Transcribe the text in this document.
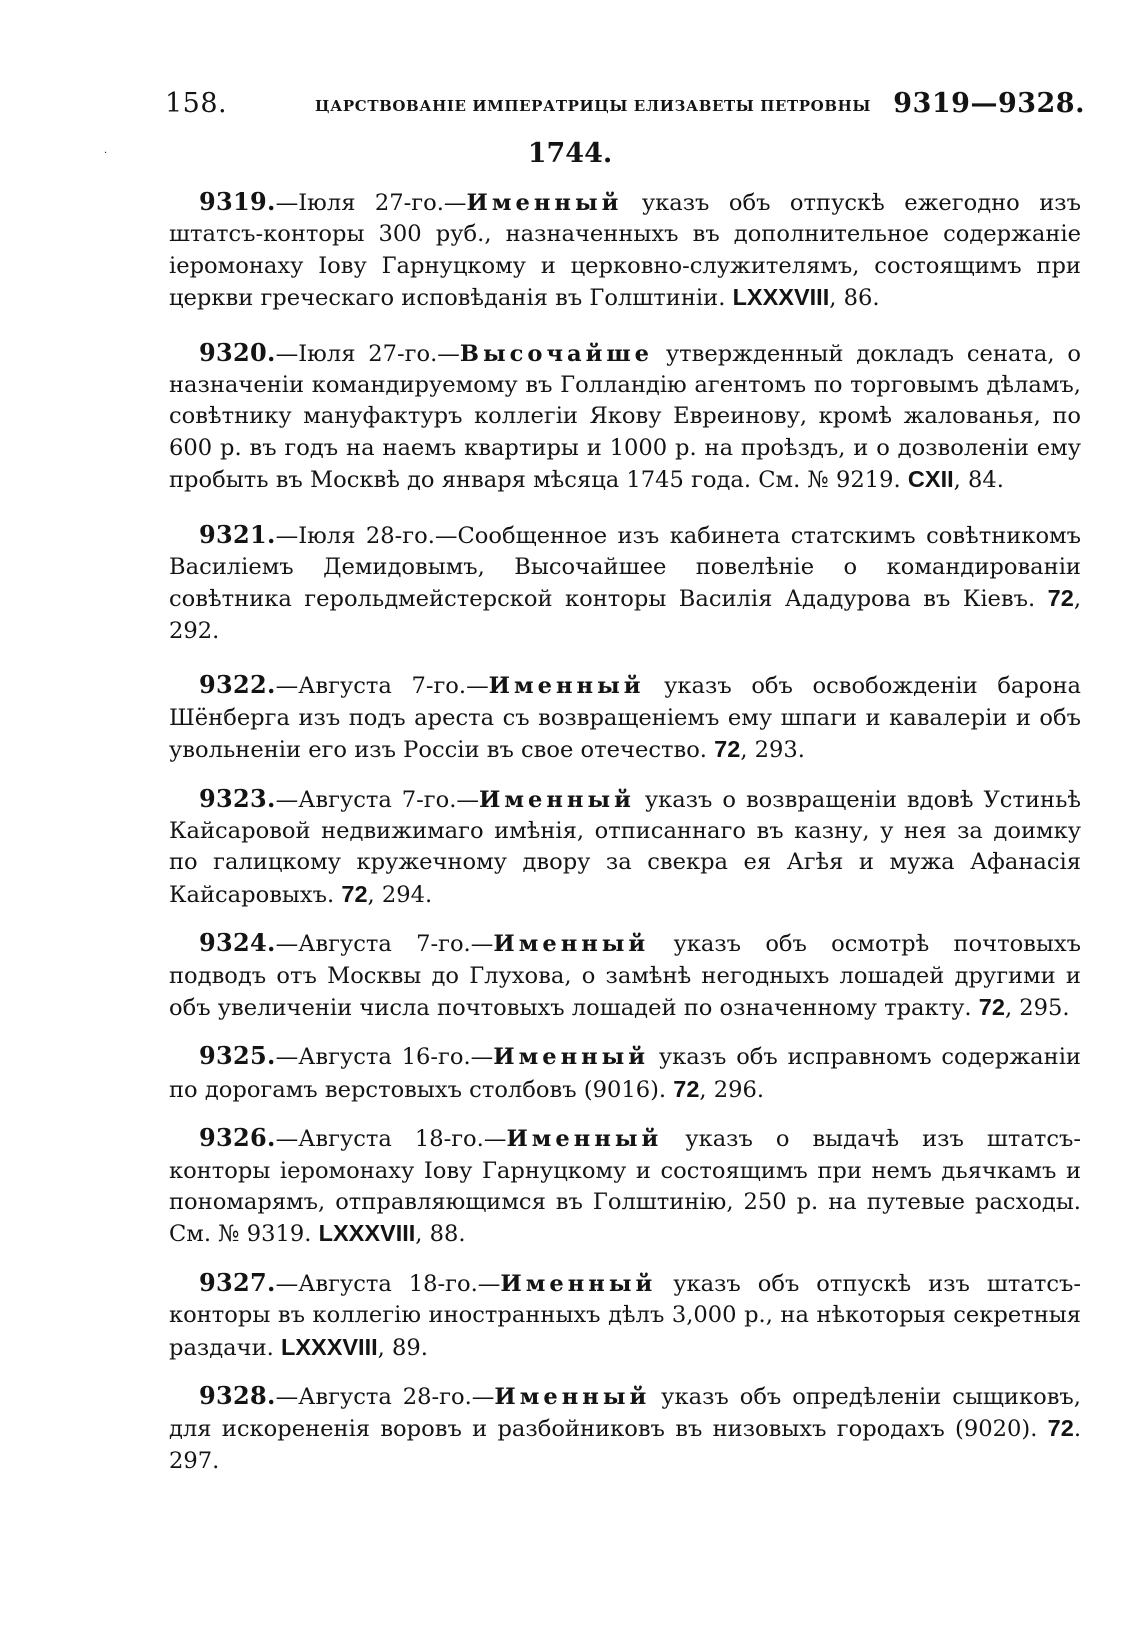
158.	ЦАРСТВОВАНІЕ ИМПЕРАТРИЦЫ ЕЛИЗАВЕТЫ ПЕТРОВНЫ 9319—9328.
·	1744.

9319.—Іюля 27-го.—Именный указъ объ отпускѣ ежегодно изъ штатсъ-конторы 300 руб., назначенныхъ въ дополнительное содержаніе іеромонаху Іову Гарнуцкому и церковно-служителямъ, состоящимъ при церкви греческаго исповѣданія въ Голштиніи. LXXXVIII, 86.

9320.—Іюля 27-го.—Высочайше утвержденный докладъ сената, о назначеніи командируемому въ Голландію агентомъ по торговымъ дѣламъ, совѣтнику мануфактуръ коллегіи Якову Евреинову, кромѣ жалованья, по 600 р. въ годъ на наемъ квартиры и 1000 р. на проѣздъ, и о дозволеніи ему пробыть въ Москвѣ до января мѣсяца 1745 года. См. № 9219. CXII, 84.

9321.—Іюля 28-го.—Сообщенное изъ кабинета статскимъ совѣтникомъ Василіемъ Демидовымъ, Высочайшее повелѣніе о командированіи совѣтника герольдмейстерской конторы Василія Ададурова въ Кіевъ. 72, 292.

9322.—Августа 7-го.—Именный указъ объ освобожденіи барона Шёнберга изъ подъ ареста съ возвращеніемъ ему шпаги и кавалеріи и объ увольненіи его изъ Россіи въ свое отечество. 72, 293.

9323.—Августа 7-го.—Именный указъ о возвращеніи вдовѣ Устиньѣ Кайсаровой недвижимаго имѣнія, отписаннаго въ казну, у нея за доимку по галицкому кружечному двору за свекра ея Агѣя и мужа Афанасія Кайсаровыхъ. 72, 294.

9324.—Августа 7-го.—Именный указъ объ осмотрѣ почтовыхъ подводъ отъ Москвы до Глухова, о замѣнѣ негодныхъ лошадей другими и объ увеличеніи числа почтовыхъ лошадей по означенному тракту. 72, 295.

9325.—Августа 16-го.—Именный указъ объ исправномъ содержаніи по дорогамъ верстовыхъ столбовъ (9016). 72, 296.

9326.—Августа 18-го.—Именный указъ о выдачѣ изъ штатсъ-конторы іеромонаху Іову Гарнуцкому и состоящимъ при немъ дьячкамъ и пономарямъ, отправляющимся въ Голштинію, 250 р. на путевые расходы. См. № 9319. LXXXVIII, 88.

9327.—Августа 18-го.—Именный указъ объ отпускѣ изъ штатсъ-конторы въ коллегію иностранныхъ дѣлъ 3,000 р., на нѣкоторыя секретныя раздачи. LXXXVIII, 89.

9328.—Августа 28-го.—Именный указъ объ опредѣленіи сыщиковъ, для искорененія воровъ и разбойниковъ въ низовыхъ городахъ (9020). 72. 297.
